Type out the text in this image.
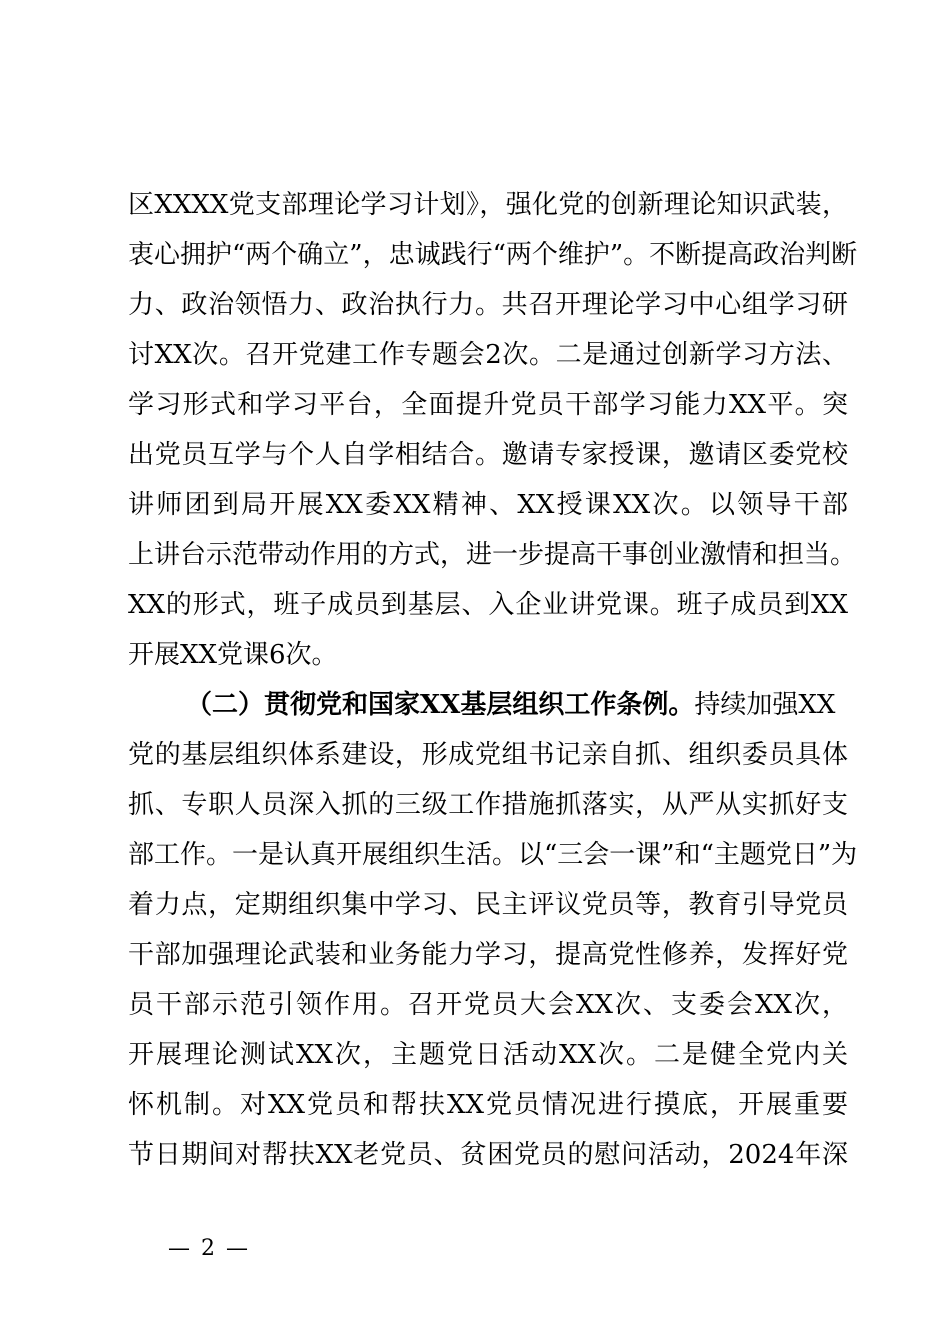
区XXXX党支部理论学习计划》，强化党的创新理论知识武装，
衷心拥护“两个确立”，忠诚践行“两个维护”。不断提高政治判断
力、政治领悟力、政治执行力。共召开理论学习中心组学习研
讨XX次。召开党建工作专题会2次。二是通过创新学习方法、
学习形式和学习平台，全面提升党员干部学习能力XX平。突
出党员互学与个人自学相结合。邀请专家授课，邀请区委党校
讲师团到局开展XX委XX精神、XX授课XX次。以领导干部
上讲台示范带动作用的方式，进一步提高干事创业激情和担当。
XX的形式，班子成员到基层、入企业讲党课。班子成员到XX
开展XX党课6次。
（二）贯彻党和国家XX基层组织工作条例。持续加强XX
党的基层组织体系建设，形成党组书记亲自抓、组织委员具体
抓、专职人员深入抓的三级工作措施抓落实，从严从实抓好支
部工作。一是认真开展组织生活。以“三会一课”和“主题党日”为
着力点，定期组织集中学习、民主评议党员等，教育引导党员
干部加强理论武装和业务能力学习，提高党性修养，发挥好党
员干部示范引领作用。召开党员大会XX次、支委会XX次，
开展理论测试XX次，主题党日活动XX次。二是健全党内关
怀机制。对XX党员和帮扶XX党员情况进行摸底，开展重要
节日期间对帮扶XX老党员、贫困党员的慰问活动，2024年深
— 2 —
